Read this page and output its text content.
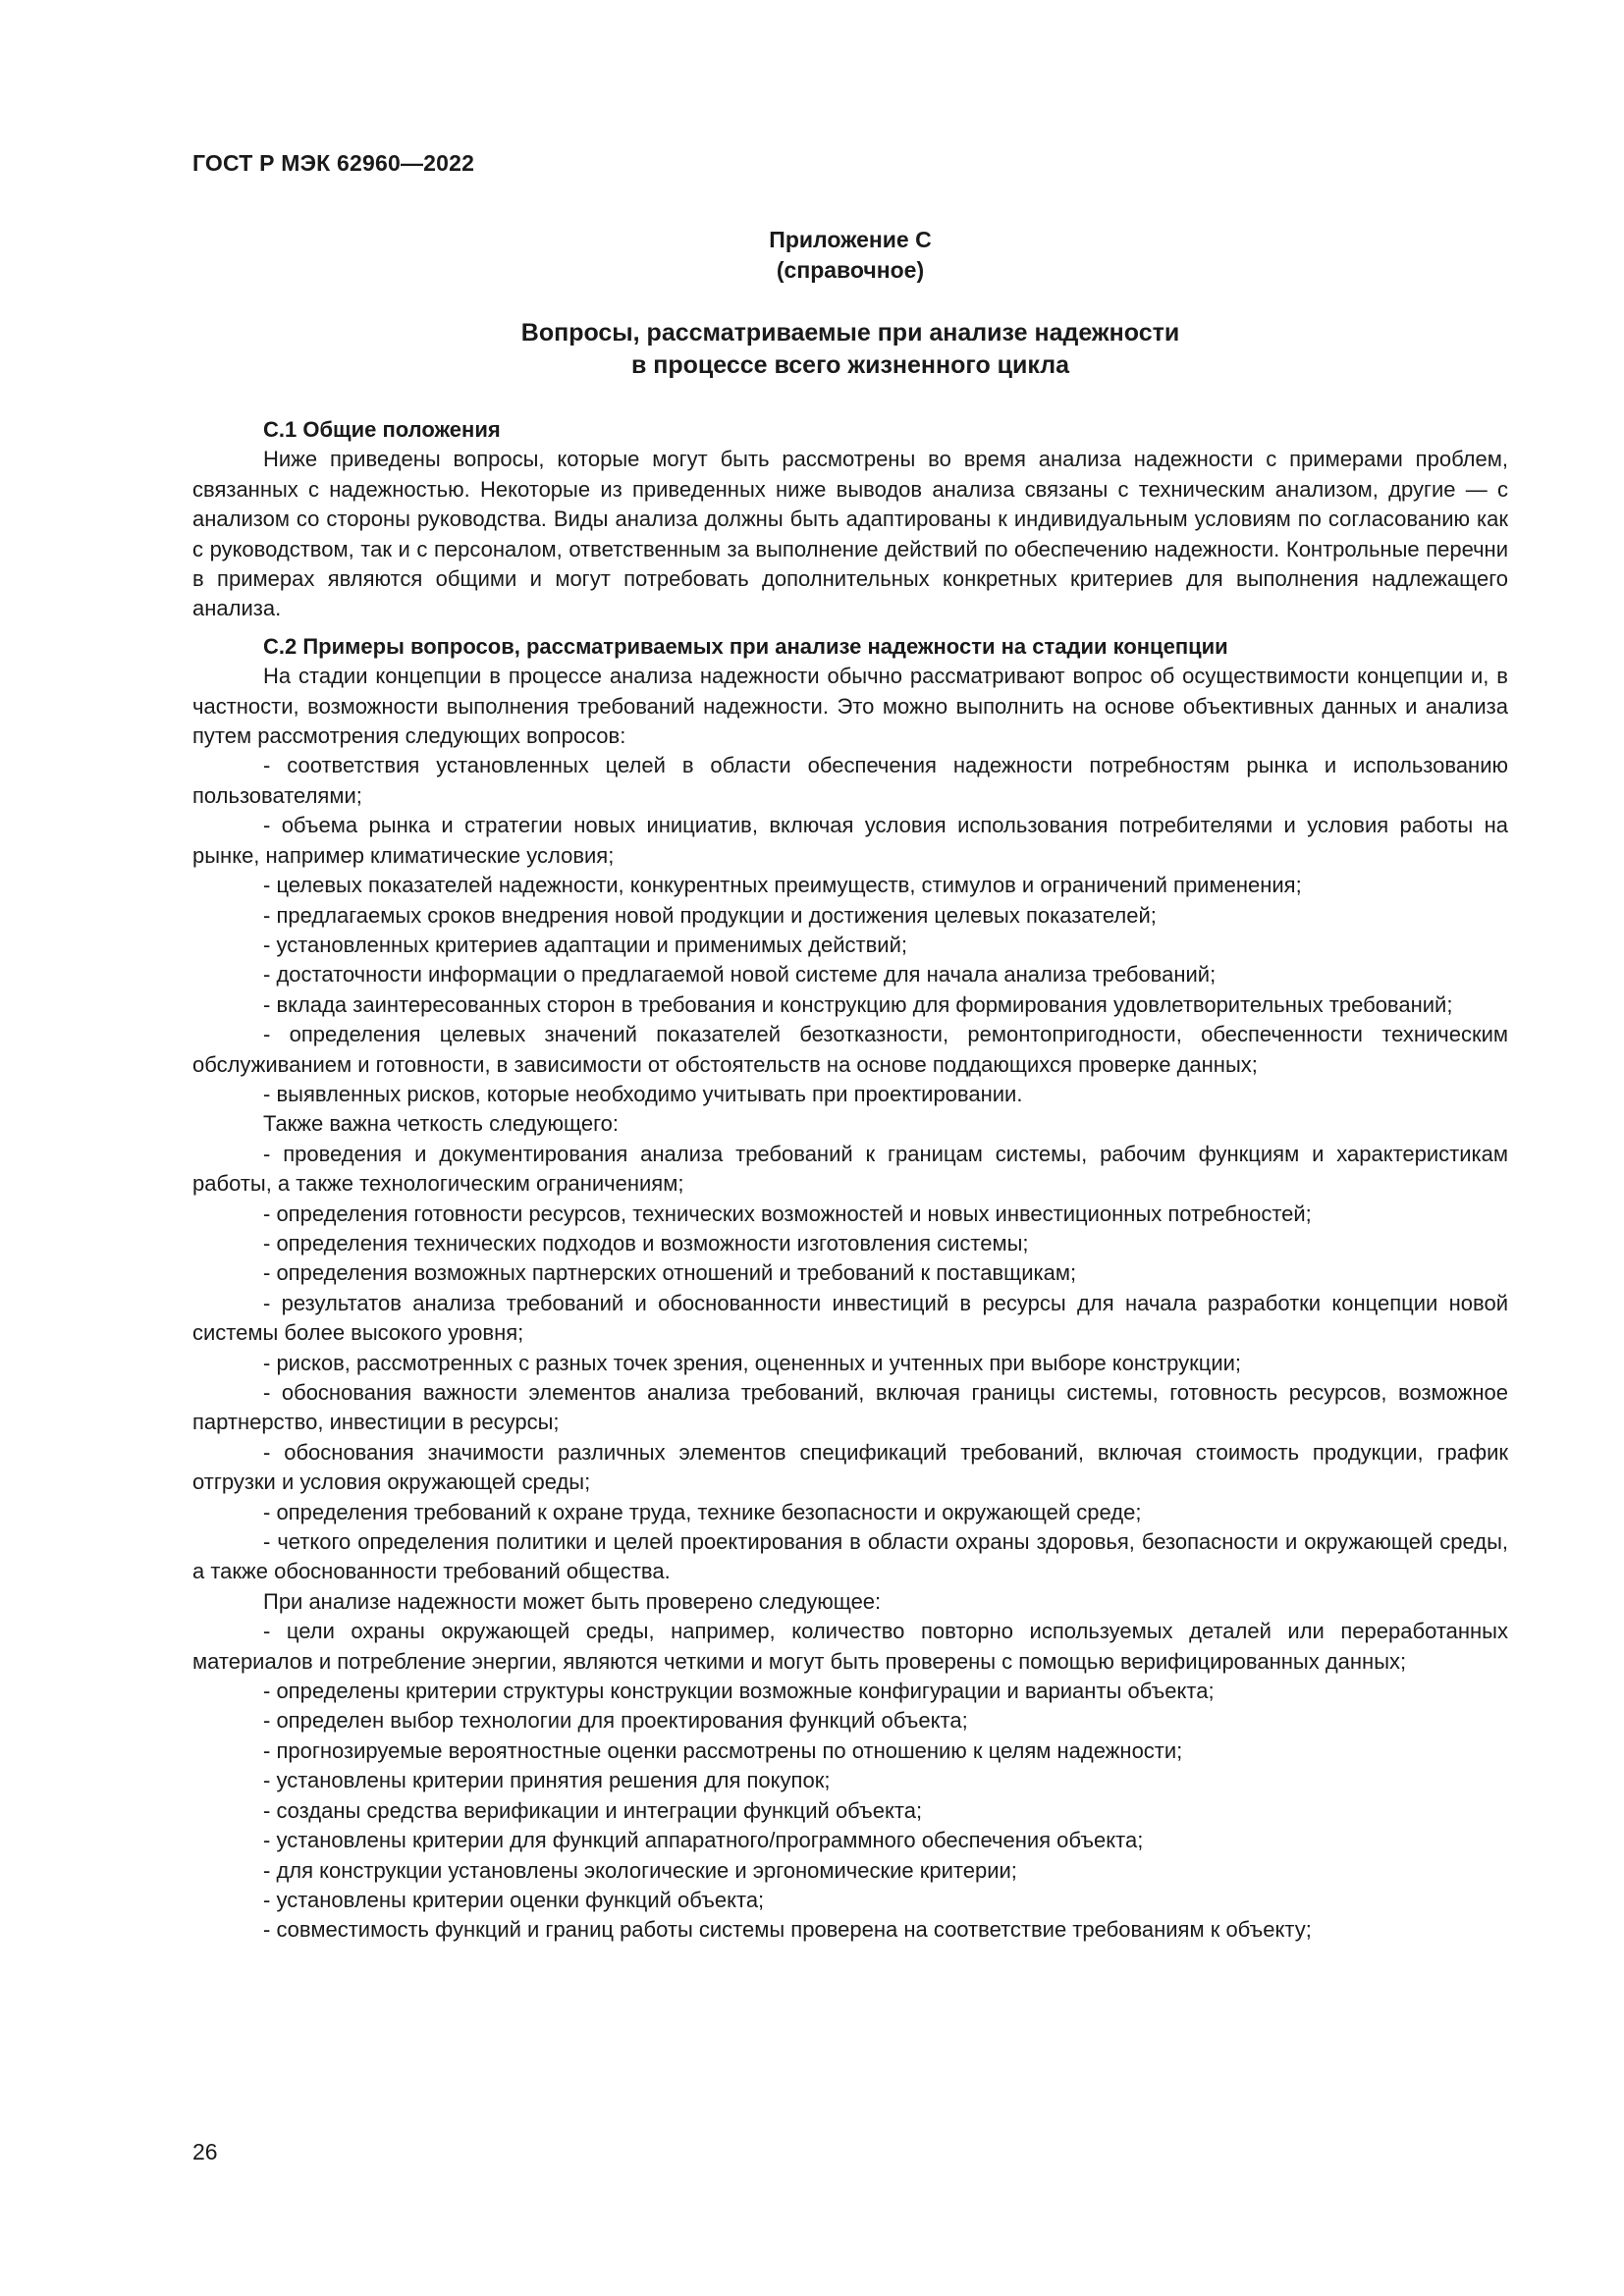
ГОСТ Р МЭК 62960—2022

Приложение С
(справочное)
Вопросы, рассматриваемые при анализе надежности
в процессе всего жизненного цикла
С.1 Общие положения

Ниже приведены вопросы, которые могут быть рассмотрены во время анализа надежности с примерами проблем, связанных с надежностью. Некоторые из приведенных ниже выводов анализа связаны с техническим анализом, другие — с анализом со стороны руководства. Виды анализа должны быть адаптированы к индивидуальным условиям по согласованию как с руководством, так и с персоналом, ответственным за выполнение действий по обеспечению надежности. Контрольные перечни в примерах являются общими и могут потребовать дополнительных конкретных критериев для выполнения надлежащего анализа.

С.2 Примеры вопросов, рассматриваемых при анализе надежности на стадии концепции

На стадии концепции в процессе анализа надежности обычно рассматривают вопрос об осуществимости концепции и, в частности, возможности выполнения требований надежности. Это можно выполнить на основе объективных данных и анализа путем рассмотрения следующих вопросов:

- соответствия установленных целей в области обеспечения надежности потребностям рынка и использованию пользователями;

- объема рынка и стратегии новых инициатив, включая условия использования потребителями и условия работы на рынке, например климатические условия;

- целевых показателей надежности, конкурентных преимуществ, стимулов и ограничений применения;

- предлагаемых сроков внедрения новой продукции и достижения целевых показателей;

- установленных критериев адаптации и применимых действий;

- достаточности информации о предлагаемой новой системе для начала анализа требований;

- вклада заинтересованных сторон в требования и конструкцию для формирования удовлетворительных требований;

- определения целевых значений показателей безотказности, ремонтопригодности, обеспеченности техническим обслуживанием и готовности, в зависимости от обстоятельств на основе поддающихся проверке данных;

- выявленных рисков, которые необходимо учитывать при проектировании.

Также важна четкость следующего:

- проведения и документирования анализа требований к границам системы, рабочим функциям и характеристикам работы, а также технологическим ограничениям;

- определения готовности ресурсов, технических возможностей и новых инвестиционных потребностей;

- определения технических подходов и возможности изготовления системы;

- определения возможных партнерских отношений и требований к поставщикам;

- результатов анализа требований и обоснованности инвестиций в ресурсы для начала разработки концепции новой системы более высокого уровня;

- рисков, рассмотренных с разных точек зрения, оцененных и учтенных при выборе конструкции;

- обоснования важности элементов анализа требований, включая границы системы, готовность ресурсов, возможное партнерство, инвестиции в ресурсы;

- обоснования значимости различных элементов спецификаций требований, включая стоимость продукции, график отгрузки и условия окружающей среды;

- определения требований к охране труда, технике безопасности и окружающей среде;

- четкого определения политики и целей проектирования в области охраны здоровья, безопасности и окружающей среды, а также обоснованности требований общества.

При анализе надежности может быть проверено следующее:

- цели охраны окружающей среды, например, количество повторно используемых деталей или переработанных материалов и потребление энергии, являются четкими и могут быть проверены с помощью верифицированных данных;

- определены критерии структуры конструкции возможные конфигурации и варианты объекта;

- определен выбор технологии для проектирования функций объекта;

- прогнозируемые вероятностные оценки рассмотрены по отношению к целям надежности;

- установлены критерии принятия решения для покупок;

- созданы средства верификации и интеграции функций объекта;

- установлены критерии для функций аппаратного/программного обеспечения объекта;

- для конструкции установлены экологические и эргономические критерии;

- установлены критерии оценки функций объекта;

- совместимость функций и границ работы системы проверена на соответствие требованиям к объекту;

26
